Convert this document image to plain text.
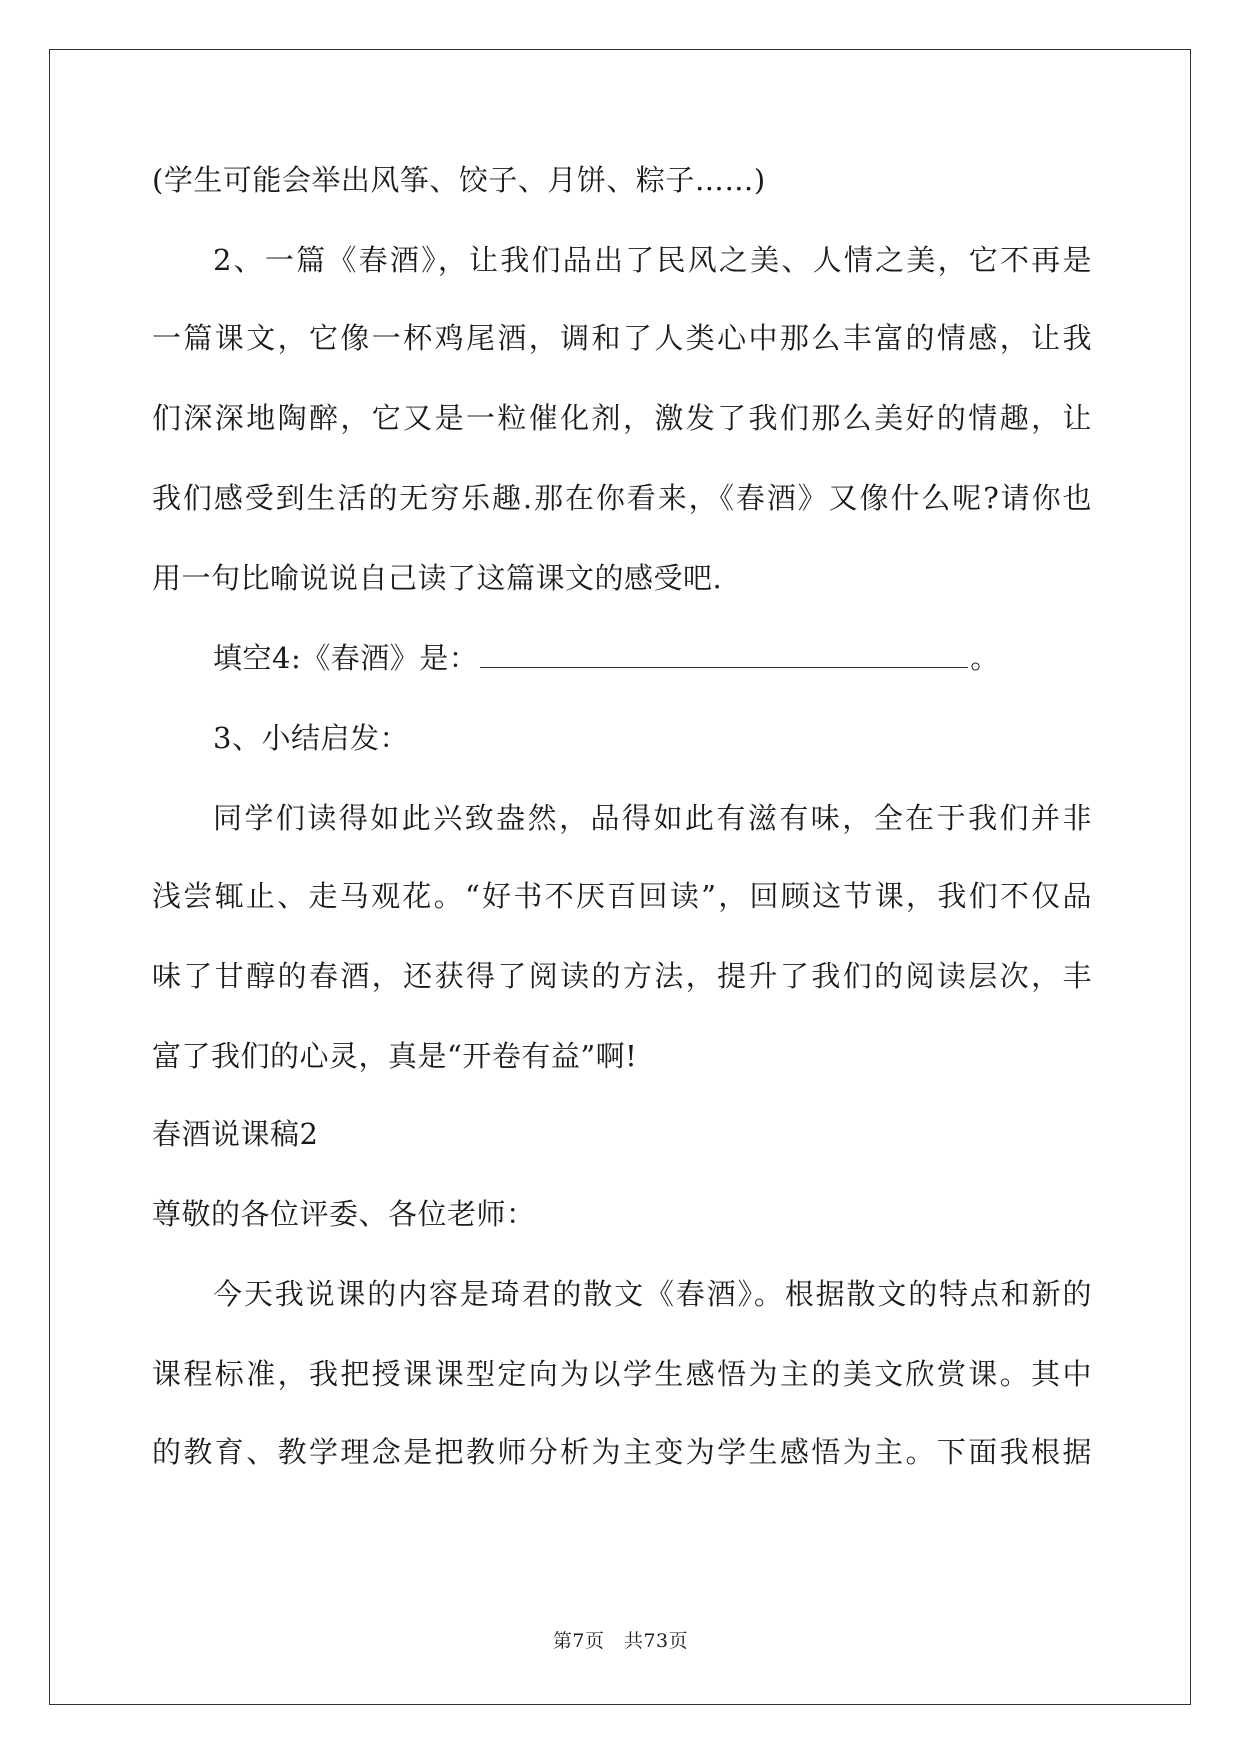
(学生可能会举出风筝、饺子、月饼、粽子……)
2、一篇《春酒》，让我们品出了民风之美、人情之美，它不再是
一篇课文，它像一杯鸡尾酒，调和了人类心中那么丰富的情感，让我
们深深地陶醉，它又是一粒催化剂，激发了我们那么美好的情趣，让
我们感受到生活的无穷乐趣.那在你看来，《春酒》又像什么呢?请你也
用一句比喻说说自己读了这篇课文的感受吧.
填空4:《春酒》是：	。
3、小结启发：
同学们读得如此兴致盎然，品得如此有滋有味，全在于我们并非
浅尝辄止、走马观花。“好书不厌百回读”，回顾这节课，我们不仅品
味了甘醇的春酒，还获得了阅读的方法，提升了我们的阅读层次，丰
富了我们的心灵，真是“开卷有益”啊!
春酒说课稿2
尊敬的各位评委、各位老师：
今天我说课的内容是琦君的散文《春酒》。根据散文的特点和新的
课程标准，我把授课课型定向为以学生感悟为主的美文欣赏课。其中
的教育、教学理念是把教师分析为主变为学生感悟为主。下面我根据
第7页　共73页
